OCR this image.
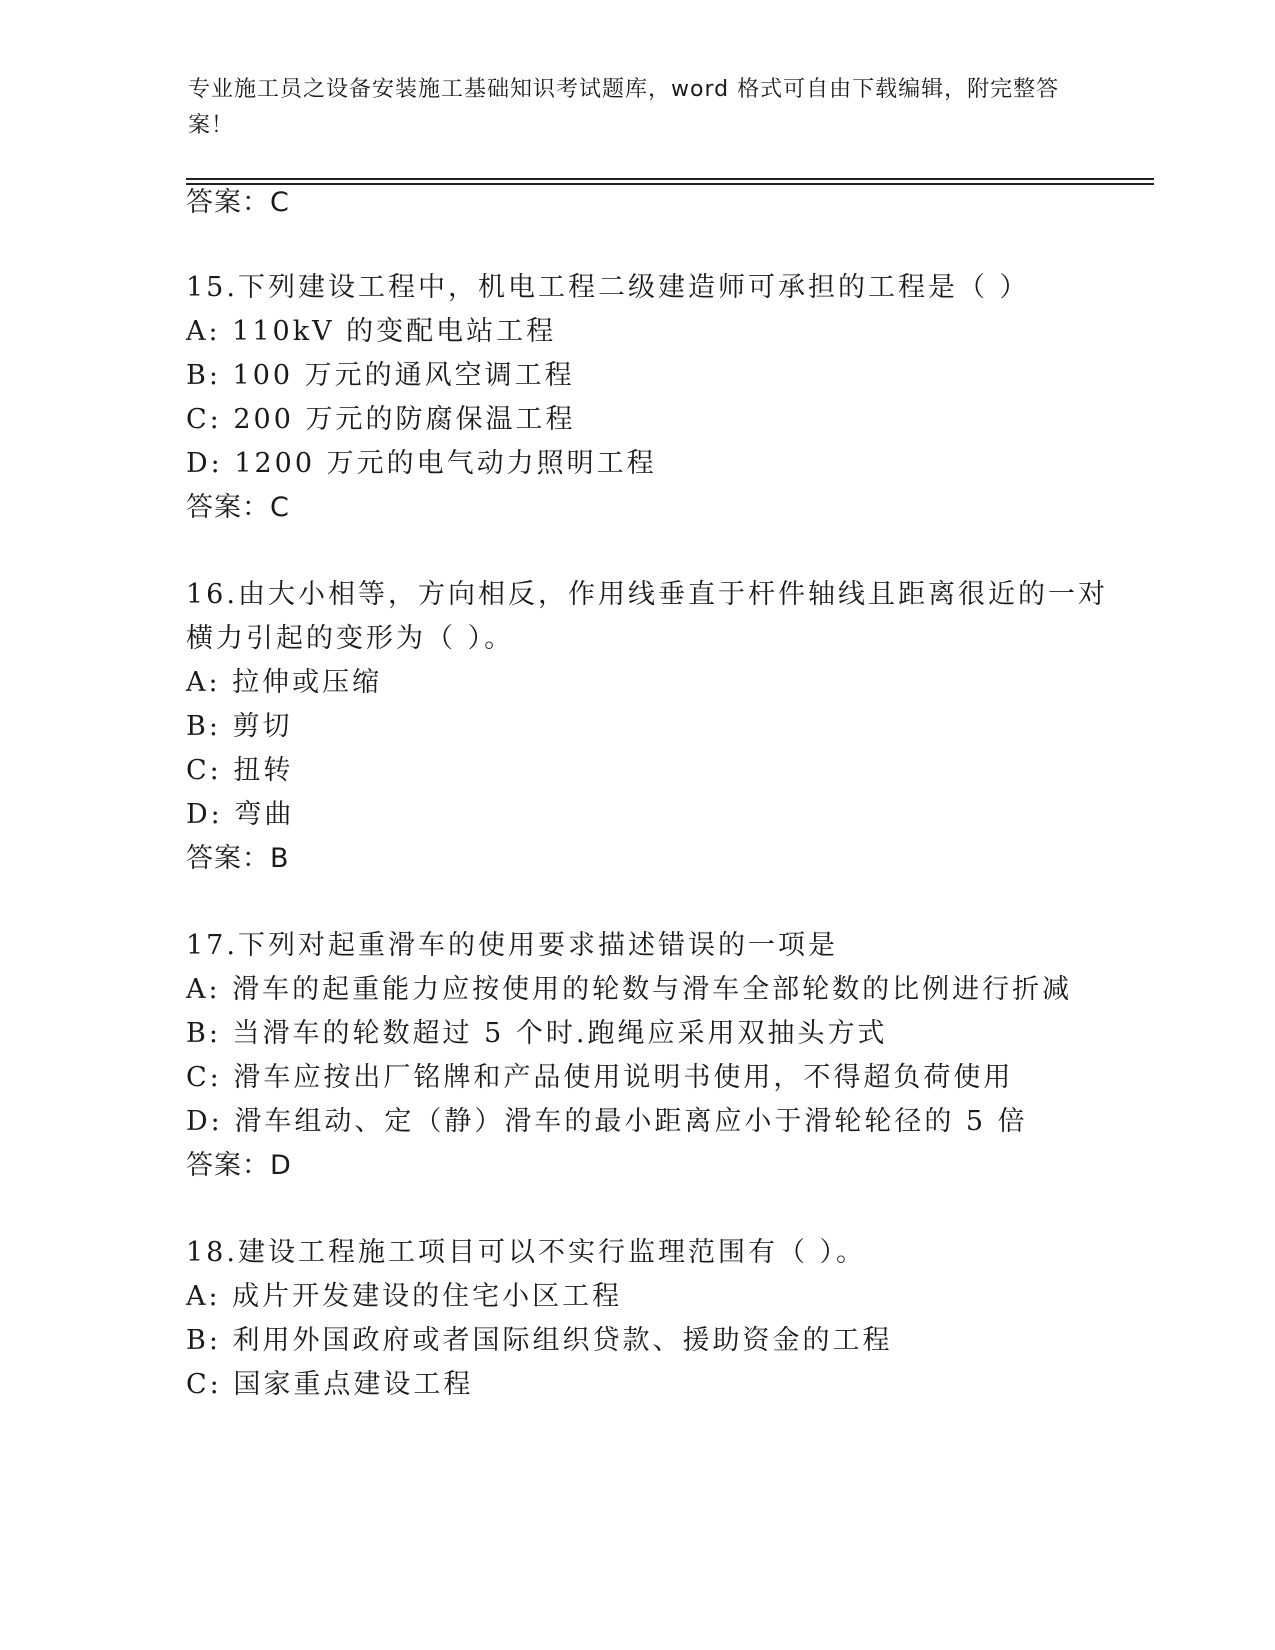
专业施工员之设备安装施工基础知识考试题库，word 格式可自由下载编辑，附完整答案！
答案：C
15.下列建设工程中，机电工程二级建造师可承担的工程是（ ）
A: 110kV 的变配电站工程
B: 100 万元的通风空调工程
C: 200 万元的防腐保温工程
D: 1200 万元的电气动力照明工程
答案：C
16.由大小相等，方向相反，作用线垂直于杆件轴线且距离很近的一对
横力引起的变形为（ ）。
A: 拉伸或压缩
B: 剪切
C: 扭转
D: 弯曲
答案：B
17.下列对起重滑车的使用要求描述错误的一项是
A: 滑车的起重能力应按使用的轮数与滑车全部轮数的比例进行折减
B: 当滑车的轮数超过 5 个时.跑绳应采用双抽头方式
C: 滑车应按出厂铭牌和产品使用说明书使用，不得超负荷使用
D: 滑车组动、定（静）滑车的最小距离应小于滑轮轮径的 5 倍
答案：D
18.建设工程施工项目可以不实行监理范围有（ ）。
A: 成片开发建设的住宅小区工程
B: 利用外国政府或者国际组织贷款、援助资金的工程
C: 国家重点建设工程
